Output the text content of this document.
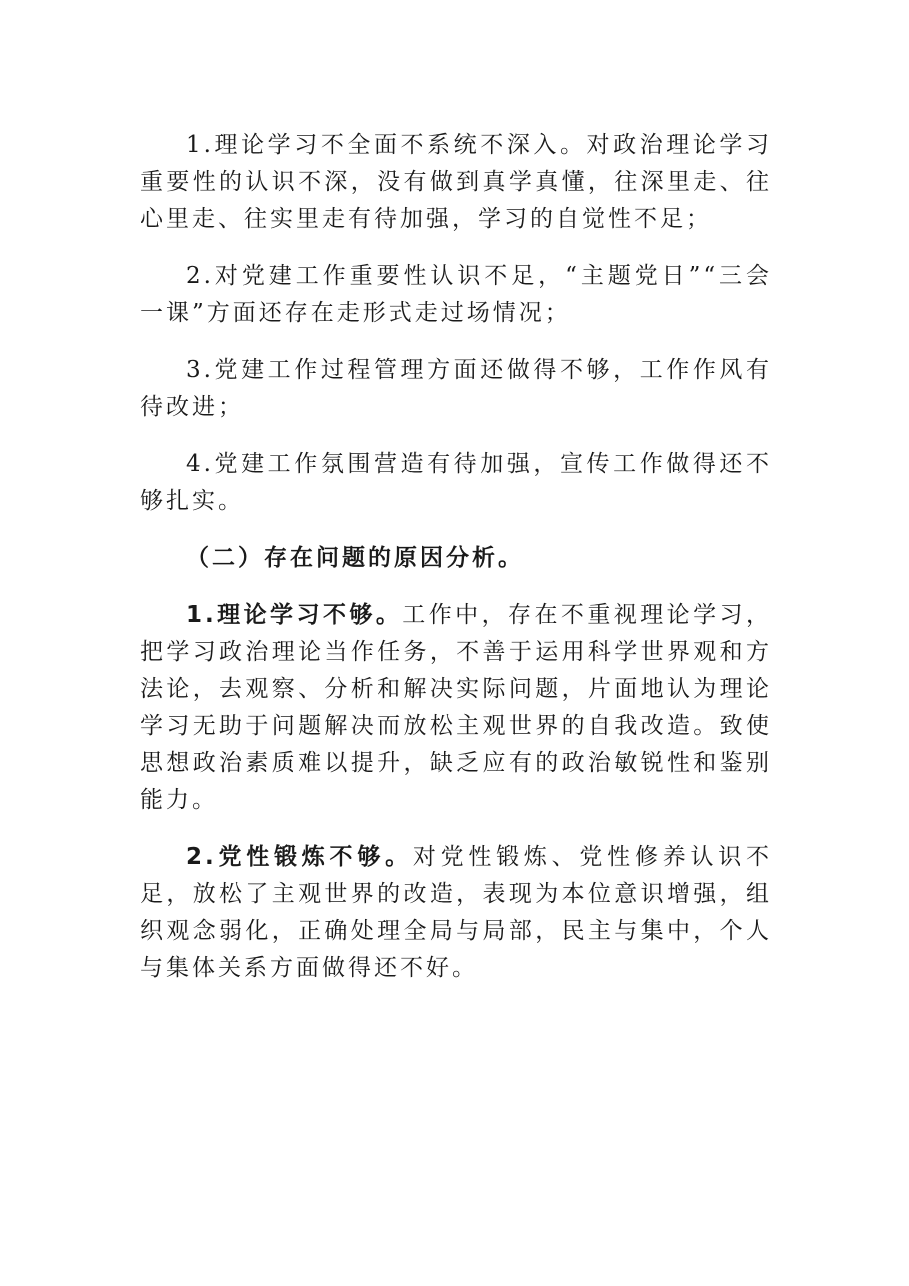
1.理论学习不全面不系统不深入。对政治理论学习重要性的认识不深，没有做到真学真懂，往深里走、往心里走、往实里走有待加强，学习的自觉性不足；

2.对党建工作重要性认识不足，“主题党日”“三会一课”方面还存在走形式走过场情况；

3.党建工作过程管理方面还做得不够，工作作风有待改进；

4.党建工作氛围营造有待加强，宣传工作做得还不够扎实。

（二）存在问题的原因分析。

1.理论学习不够。工作中，存在不重视理论学习，把学习政治理论当作任务，不善于运用科学世界观和方法论，去观察、分析和解决实际问题，片面地认为理论学习无助于问题解决而放松主观世界的自我改造。致使思想政治素质难以提升，缺乏应有的政治敏锐性和鉴别能力。

2.党性锻炼不够。对党性锻炼、党性修养认识不足，放松了主观世界的改造，表现为本位意识增强，组织观念弱化，正确处理全局与局部，民主与集中，个人与集体关系方面做得还不好。
